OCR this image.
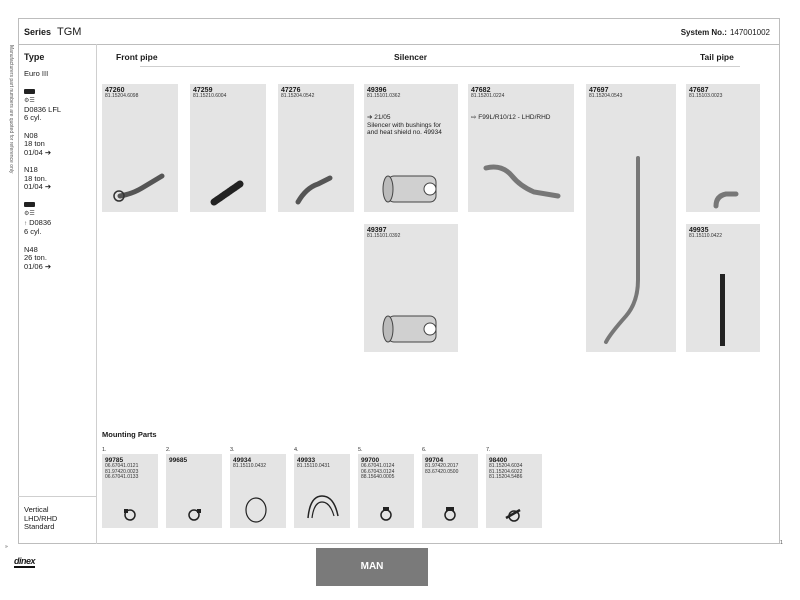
Series TGM	System No.: 147001002
Manufacturers part numbers are quoted for reference only Type
Euro III

⚙☰
D0836 LFL
6 cyl.
N08
18 ton
01/04 ➔
N18
18 ton.
01/04 ➔

⚙☰
↑ D0836
6 cyl.
N48
26 ton.
01/06 ➔
Vertical
LHD/RHD
Standard
Front pipe	Silencer	Tail pipe
47260
81.15204.6098
47259
81.15210.6004
47276
81.15204.0542
49396
81.15101.0362
➔ 21/05
Silencer with bushings for
and heat shield no. 49934
47682
81.15201.0224
⇨ F99L/R10/12 - LHD/RHD
47697
81.15204.0543
47687
81.15103.0023
49397
81.15101.0392
49935
81.15110.0422
Mounting Parts
1.
99785
06.67041.0121
81.97420.0023
06.67041.0133
2.
99685
3.
49934
81.15110.0432
4.
49933
81.15110.0431
5.
99700
06.67041.0124
06.67043.0124
88.15640.0005
6.
99704
81.97420.2017
83.67420.0500
7.
98400
81.15204.6034
81.15204.6022
81.15204.5486
»
1
dinex	MAN
